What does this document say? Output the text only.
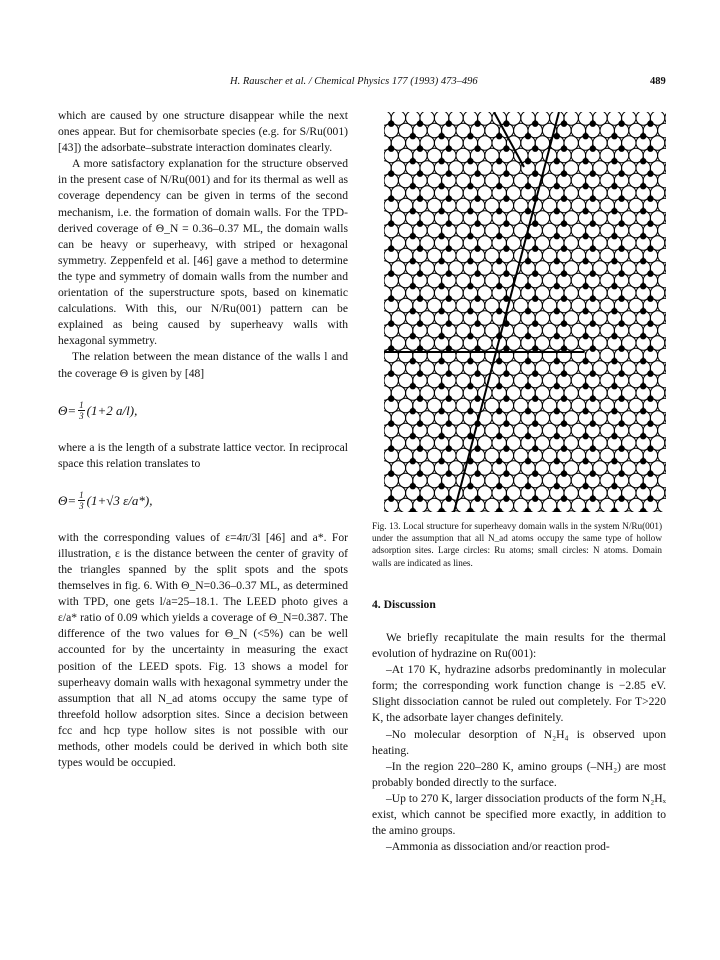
H. Rauscher et al. / Chemical Physics 177 (1993) 473–496	489

which are caused by one structure disappear while the next ones appear. But for chemisorbate species (e.g. for S/Ru(001) [43]) the adsorbate–substrate interaction dominates clearly.

A more satisfactory explanation for the structure observed in the present case of N/Ru(001) and for its thermal as well as coverage dependency can be given in terms of the second mechanism, i.e. the formation of domain walls. For the TPD-derived coverage of Θ_N = 0.36–0.37 ML, the domain walls can be heavy or superheavy, with striped or hexagonal symmetry. Zeppenfeld et al. [46] gave a method to determine the type and symmetry of domain walls from the number and orientation of the superstructure spots, based on kinematic calculations. With this, our N/Ru(001) pattern can be explained as being caused by superheavy walls with hexagonal symmetry.

The relation between the mean distance of the walls l and the coverage Θ is given by [48]

$\Theta= \frac{1}{3} (1+2$ a/l),

where a is the length of a substrate lattice vector. In reciprocal space this relation translates to

$\Theta= \frac{1}{3} (1+√3$ ε/a*),

with the corresponding values of ε=4π/3l [46] and a*. For illustration, ε is the distance between the center of gravity of the triangles spanned by the split spots and the spots themselves in fig. 6. With Θ_N=0.36–0.37 ML, as determined with TPD, one gets l/a=25–18.1. The LEED photo gives a ε/a* ratio of 0.09 which yields a coverage of Θ_N=0.387. The difference of the two values for Θ_N (<5%) can be well accounted for by the uncertainty in measuring the exact position of the LEED spots. Fig. 13 shows a model for superheavy domain walls with hexagonal symmetry under the assumption that all N_ad atoms occupy the same type of threefold hollow adsorption sites. Since a decision between fcc and hcp type hollow sites is not possible with our methods, other models could be derived in which both site types would be occupied.

Fig. 13. Local structure for superheavy domain walls in the system N/Ru(001) under the assumption that all N_ad atoms occupy the same type of hollow adsorption sites. Large circles: Ru atoms; small circles: N atoms. Domain walls are indicated as lines.
4. Discussion

We briefly recapitulate the main results for the thermal evolution of hydrazine on Ru(001):

–At 170 K, hydrazine adsorbs predominantly in molecular form; the corresponding work function change is −2.85 eV. Slight dissociation cannot be ruled out completely. For T>220 K, the adsorbate layer changes definitely.

–No molecular desorption of N₂H₄ is observed upon heating.

–In the region 220–280 K, amino groups (–NH₂) are most probably bonded directly to the surface.

–Up to 270 K, larger dissociation products of the form N₂Hₓ exist, which cannot be specified more exactly, in addition to the amino groups.

–Ammonia as dissociation and/or reaction prod-
